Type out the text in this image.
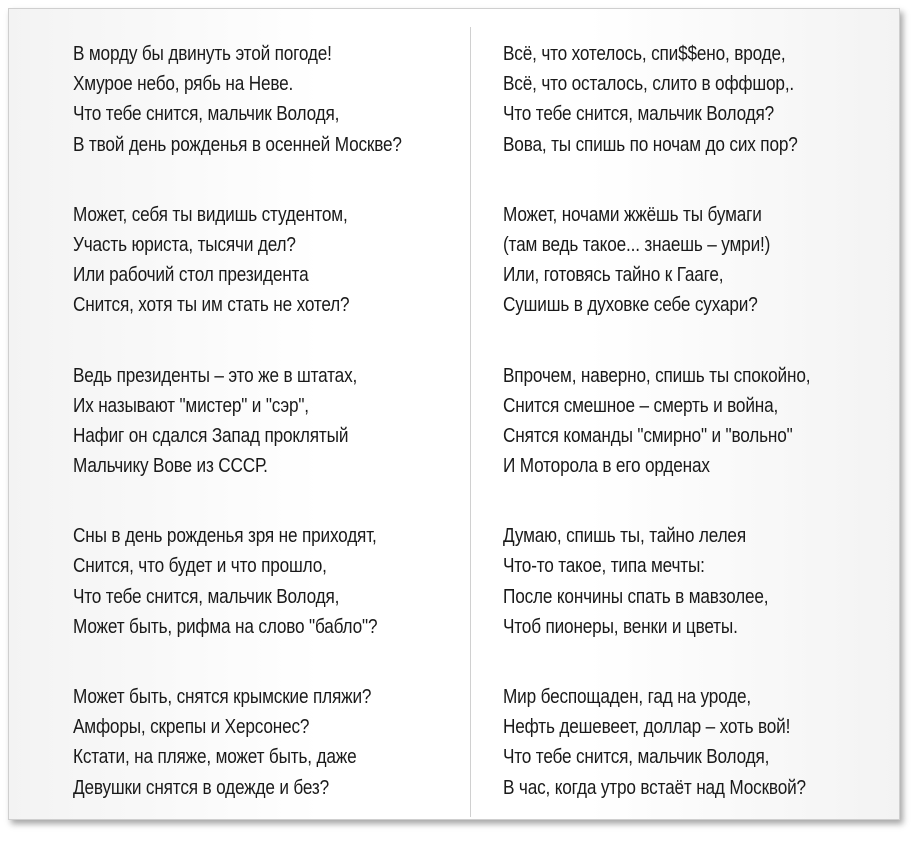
В морду бы двинуть этой погоде!
Хмурое небо, рябь на Неве.
Что тебе снится, мальчик Володя,
В твой день рожденья в осенней Москве?
Может, себя ты видишь студентом,
Участь юриста, тысячи дел?
Или рабочий стол президента
Снится, хотя ты им стать не хотел?
Ведь президенты – это же в штатах,
Их называют "мистер" и "сэр",
Нафиг он сдался Запад проклятый
Мальчику Вове из СССР.
Сны в день рожденья зря не приходят,
Снится, что будет и что прошло,
Что тебе снится, мальчик Володя,
Может быть, рифма на слово "бабло"?
Может быть, снятся крымские пляжи?
Амфоры, скрепы и Херсонес?
Кстати, на пляже, может быть, даже
Девушки снятся в одежде и без?
Всё, что хотелось, спи$$ено, вроде,
Всё, что осталось, слито в оффшор,.
Что тебе снится, мальчик Володя?
Вова, ты спишь по ночам до сих пор?
Может, ночами жжёшь ты бумаги
(там ведь такое... знаешь – умри!)
Или, готовясь тайно к Гааге,
Сушишь в духовке себе сухари?
Впрочем, наверно, спишь ты спокойно,
Снится смешное – смерть и война,
Снятся команды "смирно" и "вольно"
И Моторола в его орденах
Думаю, спишь ты, тайно лелея
Что-то такое, типа мечты:
После кончины спать в мавзолее,
Чтоб пионеры, венки и цветы.
Мир беспощаден, гад на уроде,
Нефть дешевеет, доллар – хоть вой!
Что тебе снится, мальчик Володя,
В час, когда утро встаёт над Москвой?
